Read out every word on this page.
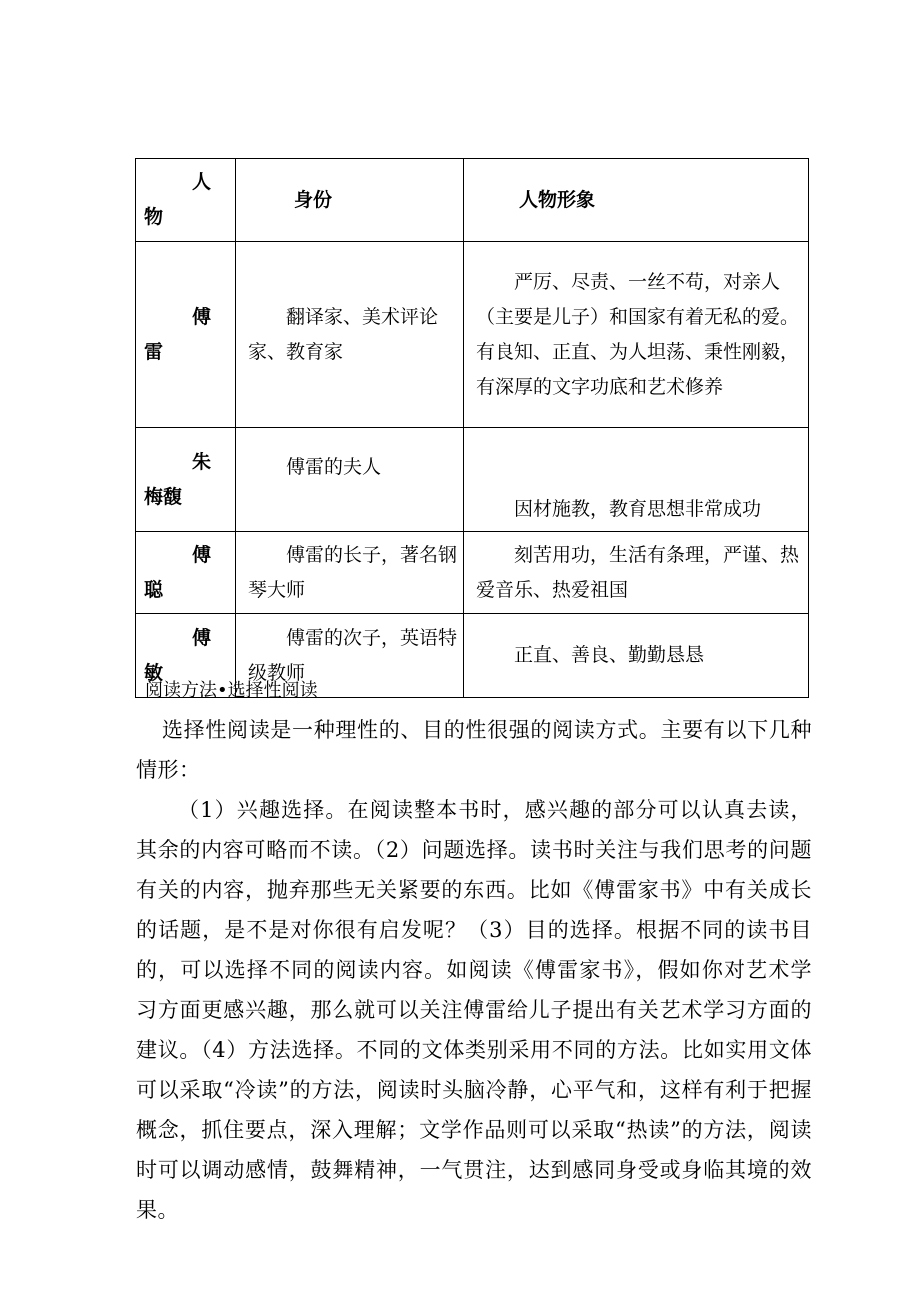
人
物	身份	人物形象

傅
雷	翻译家、美术评论家、教育家	严厉、尽责、一丝不苟，对亲人（主要是儿子）和国家有着无私的爱。有良知、正直、为人坦荡、秉性刚毅，有深厚的文字功底和艺术修养

朱
梅馥	傅雷的夫人	因材施教，教育思想非常成功

傅
聪	傅雷的长子，著名钢琴大师	刻苦用功，生活有条理，严谨、热爱音乐、热爱祖国

傅
敏	傅雷的次子，英语特级教师	正直、善良、勤勤恳恳
阅读方法•选择性阅读

选择性阅读是一种理性的、目的性很强的阅读方式。主要有以下几种情形：

（1）兴趣选择。在阅读整本书时，感兴趣的部分可以认真去读，其余的内容可略而不读。（2）问题选择。读书时关注与我们思考的问题有关的内容，抛弃那些无关紧要的东西。比如《傅雷家书》中有关成长的话题，是不是对你很有启发呢？（3）目的选择。根据不同的读书目的，可以选择不同的阅读内容。如阅读《傅雷家书》，假如你对艺术学习方面更感兴趣，那么就可以关注傅雷给儿子提出有关艺术学习方面的建议。（4）方法选择。不同的文体类别采用不同的方法。比如实用文体可以采取“冷读”的方法，阅读时头脑冷静，心平气和，这样有利于把握概念，抓住要点，深入理解；文学作品则可以采取“热读”的方法，阅读时可以调动感情，鼓舞精神，一气贯注，达到感同身受或身临其境的效果。
